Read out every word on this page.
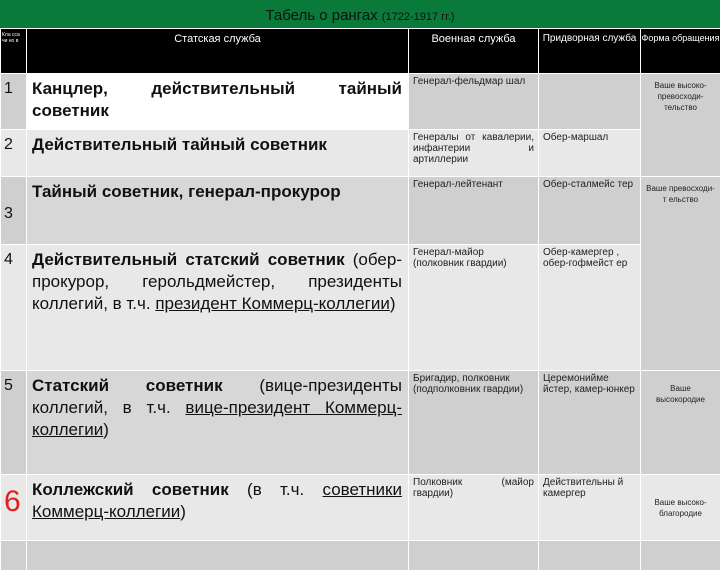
Табель о рангах (1722-1917 гг.)
Кла сса чи но в	Статская служба	Военная служба	Придворная служба	Форма обращения
1	Канцлер, действительный тайный советник	Генерал-фельдмар шал		Ваше высоко-превосходи-тельство
2	Действительный тайный советник	Генералы от кавалерии, инфантерии и артиллерии	Обер-маршал	
3	Тайный советник, генерал-прокурор	Генерал-лейтенант	Обер-сталмейс тер	Ваше превосходи-т ельство
4	Действительный статский советник (обер-прокурор, герольдмейстер, президенты коллегий, в т.ч. президент Коммерц-коллегии)	Генерал-майор (полковник гвардии)	Обер-камергер , обер-гофмейст ер	
5	Статский советник (вице-президенты коллегий, в т.ч. вице-президент Коммерц-коллегии)	Бригадир, полковник (подполковник гвардии)	Церемониймe йстер, камер-юнкер	Ваше высокородие
6	Коллежский советник (в т.ч. советники Коммерц-коллегии)	Полковник (майор гвардии)	Действительны й камергер	Ваше высоко-благородие
